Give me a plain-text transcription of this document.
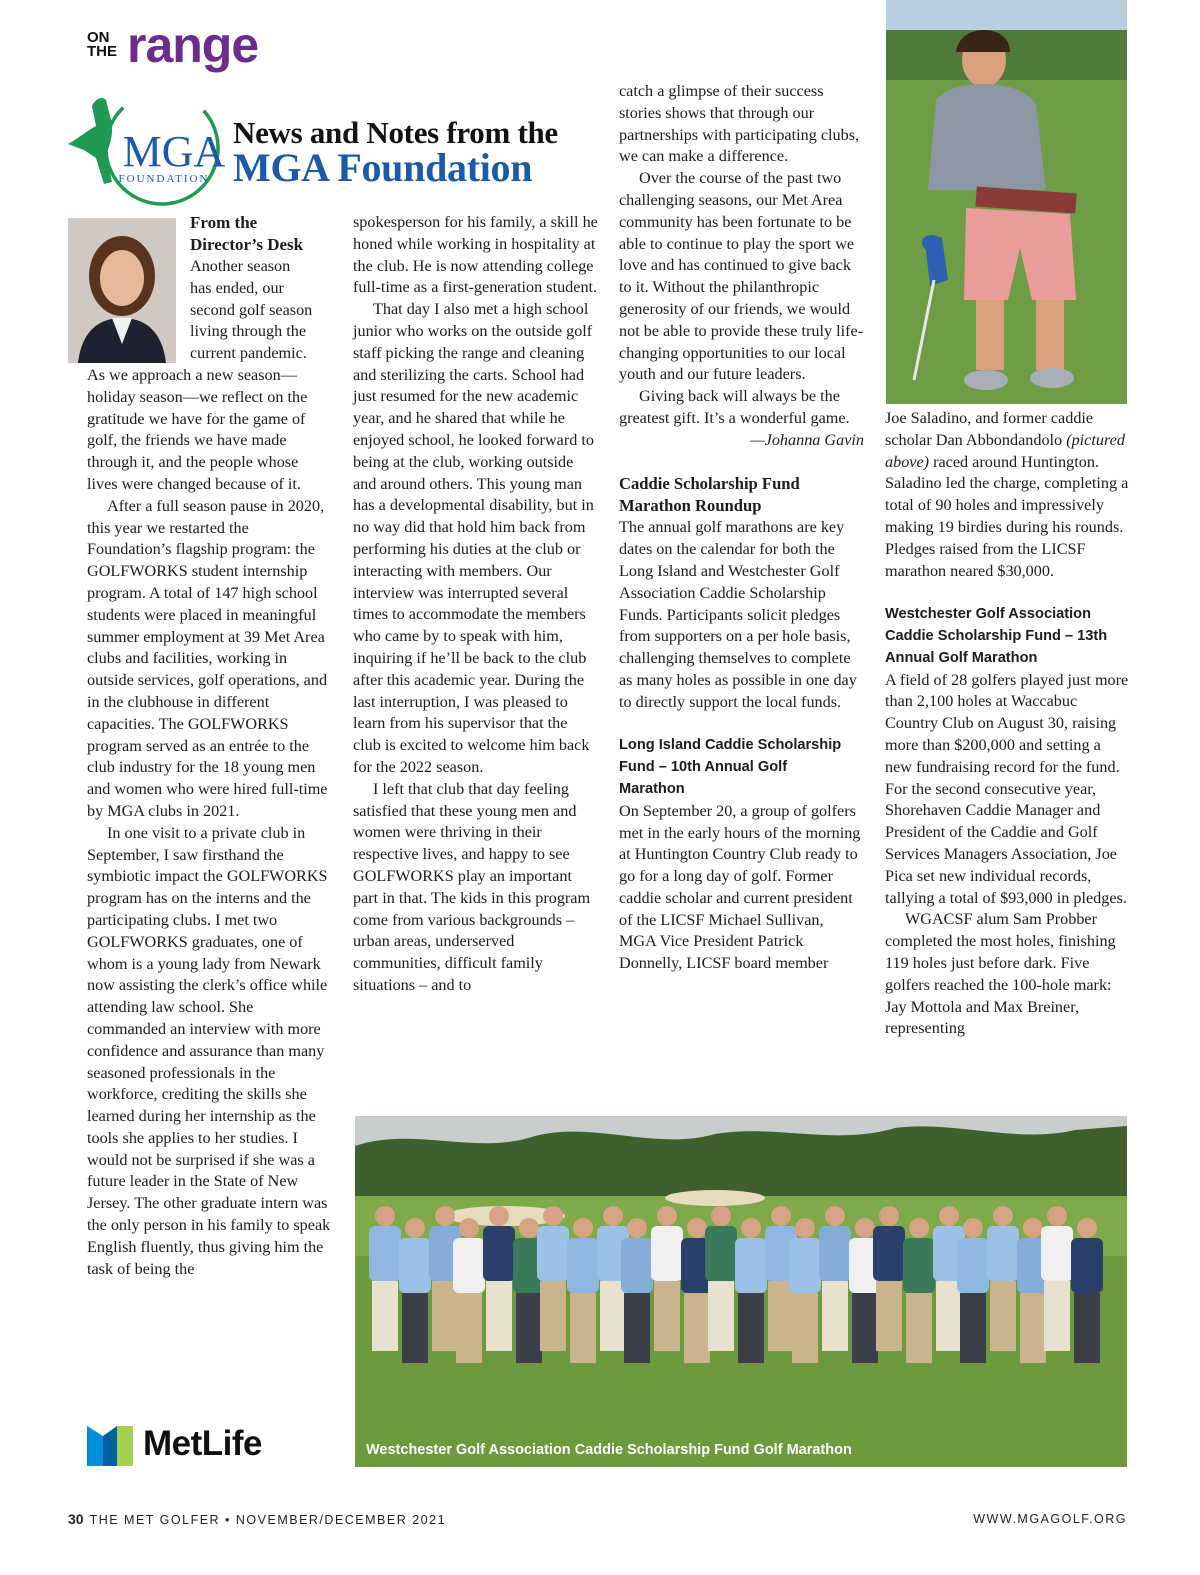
ON
THE range
MGA
FOUNDATION
News and Notes from the
MGA Foundation
From the
Director’s Desk
Another season
has ended, our
second golf season
living through the
current pandemic.

As we approach a new season—holiday season—we reflect on the gratitude we have for the game of golf, the friends we have made through it, and the people whose lives were changed because of it.

After a full season pause in 2020, this year we restarted the Foundation’s flagship program: the GOLFWORKS student internship program. A total of 147 high school students were placed in meaningful summer employment at 39 Met Area clubs and facilities, working in outside services, golf operations, and in the clubhouse in different capacities. The GOLFWORKS program served as an entrée to the club industry for the 18 young men and women who were hired full-time by MGA clubs in 2021.

In one visit to a private club in September, I saw firsthand the symbiotic impact the GOLFWORKS program has on the interns and the participating clubs. I met two GOLFWORKS graduates, one of whom is a young lady from Newark now assisting the clerk’s office while attending law school. She commanded an interview with more confidence and assurance than many seasoned professionals in the workforce, crediting the skills she learned during her internship as the tools she applies to her studies. I would not be surprised if she was a future leader in the State of New Jersey. The other graduate intern was the only person in his family to speak English fluently, thus giving him the task of being the

spokesperson for his family, a skill he honed while working in hospitality at the club. He is now attending college full-time as a first-generation student.

That day I also met a high school junior who works on the outside golf staff picking the range and cleaning and sterilizing the carts. School had just resumed for the new academic year, and he shared that while he enjoyed school, he looked forward to being at the club, working outside and around others. This young man has a developmental disability, but in no way did that hold him back from performing his duties at the club or interacting with members. Our interview was interrupted several times to accommodate the members who came by to speak with him, inquiring if he’ll be back to the club after this academic year. During the last interruption, I was pleased to learn from his supervisor that the club is excited to welcome him back for the 2022 season.

I left that club that day feeling satisfied that these young men and women were thriving in their respective lives, and happy to see GOLFWORKS play an important part in that. The kids in this program come from various backgrounds – urban areas, underserved communities, difficult family situations – and to

catch a glimpse of their success stories shows that through our partnerships with participating clubs, we can make a difference.

Over the course of the past two challenging seasons, our Met Area community has been fortunate to be able to continue to play the sport we love and has continued to give back to it. Without the philanthropic generosity of our friends, we would not be able to provide these truly life-changing opportunities to our local youth and our future leaders.

Giving back will always be the greatest gift. It’s a wonderful game.

—Johanna Gavin

Caddie Scholarship Fund
Marathon Roundup

The annual golf marathons are key dates on the calendar for both the Long Island and Westchester Golf Association Caddie Scholarship Funds. Participants solicit pledges from supporters on a per hole basis, challenging themselves to complete as many holes as possible in one day to directly support the local funds.

Long Island Caddie Scholarship
Fund – 10th Annual Golf
Marathon

On September 20, a group of golfers met in the early hours of the morning at Huntington Country Club ready to go for a long day of golf. Former caddie scholar and current president of the LICSF Michael Sullivan, MGA Vice President Patrick Donnelly, LICSF board member

Joe Saladino, and former caddie scholar Dan Abbondandolo (pictured above) raced around Huntington. Saladino led the charge, completing a total of 90 holes and impressively making 19 birdies during his rounds. Pledges raised from the LICSF marathon neared $30,000.

Westchester Golf Association
Caddie Scholarship Fund – 13th
Annual Golf Marathon

A field of 28 golfers played just more than 2,100 holes at Waccabuc Country Club on August 30, raising more than $200,000 and setting a new fundraising record for the fund. For the second consecutive year, Shorehaven Caddie Manager and President of the Caddie and Golf Services Managers Association, Joe Pica set new individual records, tallying a total of $93,000 in pledges.

WGACSF alum Sam Probber completed the most holes, finishing 119 holes just before dark. Five golfers reached the 100-hole mark: Jay Mottola and Max Breiner, representing

Westchester Golf Association Caddie Scholarship Fund Golf Marathon
MetLife
30 THE MET GOLFER • NOVEMBER/DECEMBER 2021	WWW.MGAGOLF.ORG
